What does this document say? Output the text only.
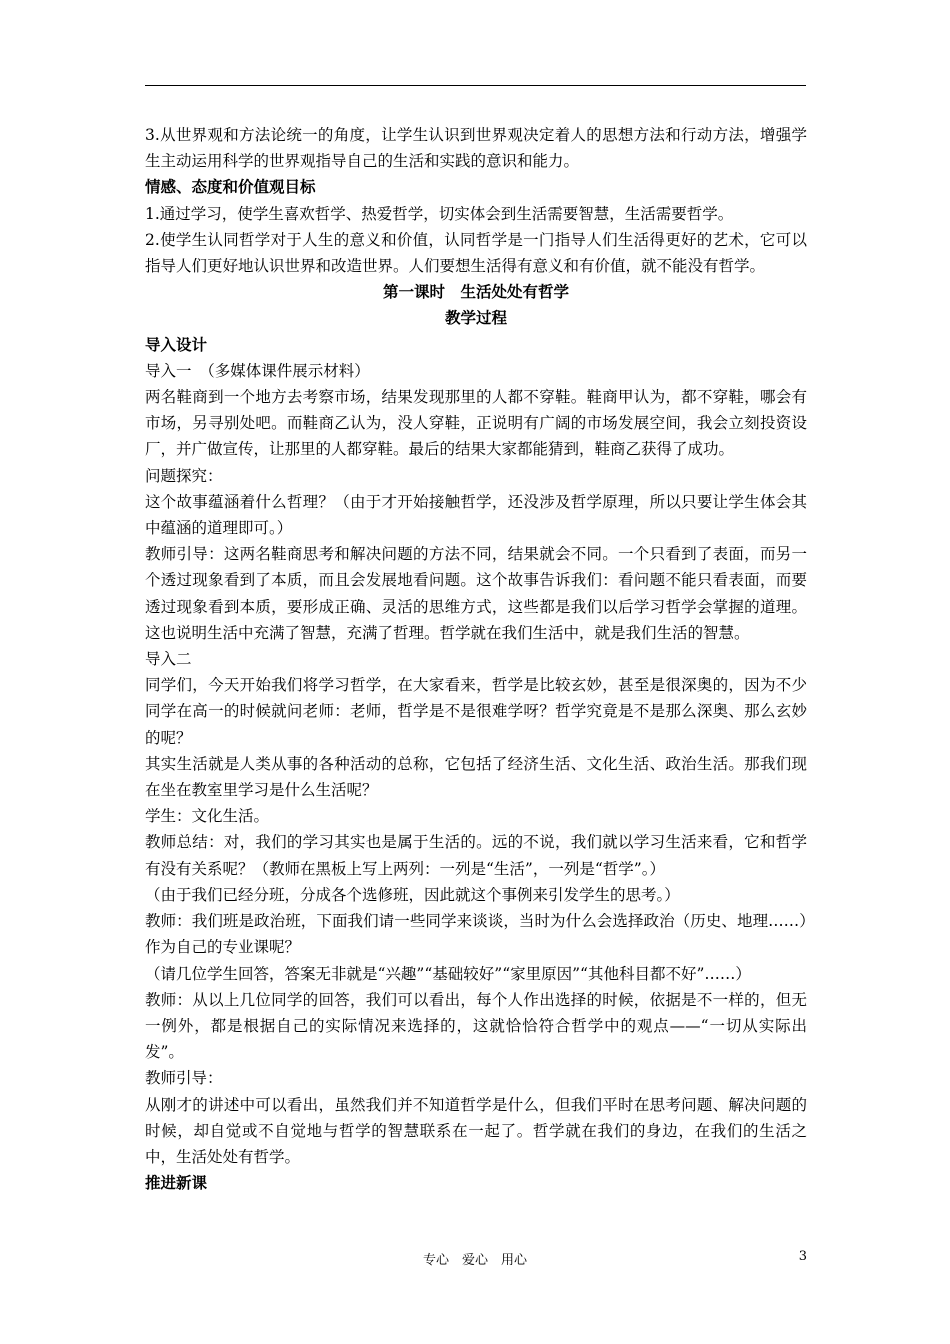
3.从世界观和方法论统一的角度，让学生认识到世界观决定着人的思想方法和行动方法，增强学生主动运用科学的世界观指导自己的生活和实践的意识和能力。

情感、态度和价值观目标

1.通过学习，使学生喜欢哲学、热爱哲学，切实体会到生活需要智慧，生活需要哲学。

2.使学生认同哲学对于人生的意义和价值，认同哲学是一门指导人们生活得更好的艺术，它可以指导人们更好地认识世界和改造世界。人们要想生活得有意义和有价值，就不能没有哲学。

第一课时　生活处处有哲学

教学过程

导入设计

导入一　（多媒体课件展示材料）

两名鞋商到一个地方去考察市场，结果发现那里的人都不穿鞋。鞋商甲认为，都不穿鞋，哪会有市场，另寻别处吧。而鞋商乙认为，没人穿鞋，正说明有广阔的市场发展空间，我会立刻投资设厂，并广做宣传，让那里的人都穿鞋。最后的结果大家都能猜到，鞋商乙获得了成功。

问题探究：

这个故事蕴涵着什么哲理？（由于才开始接触哲学，还没涉及哲学原理，所以只要让学生体会其中蕴涵的道理即可。）

教师引导：这两名鞋商思考和解决问题的方法不同，结果就会不同。一个只看到了表面，而另一个透过现象看到了本质，而且会发展地看问题。这个故事告诉我们：看问题不能只看表面，而要透过现象看到本质，要形成正确、灵活的思维方式，这些都是我们以后学习哲学会掌握的道理。这也说明生活中充满了智慧，充满了哲理。哲学就在我们生活中，就是我们生活的智慧。

导入二

同学们，今天开始我们将学习哲学，在大家看来，哲学是比较玄妙，甚至是很深奥的，因为不少同学在高一的时候就问老师：老师，哲学是不是很难学呀？哲学究竟是不是那么深奥、那么玄妙的呢？

其实生活就是人类从事的各种活动的总称，它包括了经济生活、文化生活、政治生活。那我们现在坐在教室里学习是什么生活呢？

学生：文化生活。

教师总结：对，我们的学习其实也是属于生活的。远的不说，我们就以学习生活来看，它和哲学有没有关系呢？（教师在黑板上写上两列：一列是“生活”，一列是“哲学”。）

（由于我们已经分班，分成各个选修班，因此就这个事例来引发学生的思考。）

教师：我们班是政治班，下面我们请一些同学来谈谈，当时为什么会选择政治（历史、地理……）作为自己的专业课呢？

（请几位学生回答，答案无非就是“兴趣”“基础较好”“家里原因”“其他科目都不好”……）

教师：从以上几位同学的回答，我们可以看出，每个人作出选择的时候，依据是不一样的，但无一例外，都是根据自己的实际情况来选择的，这就恰恰符合哲学中的观点——“一切从实际出发”。

教师引导：

从刚才的讲述中可以看出，虽然我们并不知道哲学是什么，但我们平时在思考问题、解决问题的时候，却自觉或不自觉地与哲学的智慧联系在一起了。哲学就在我们的身边，在我们的生活之中，生活处处有哲学。

推进新课

专心　爱心　用心	3
